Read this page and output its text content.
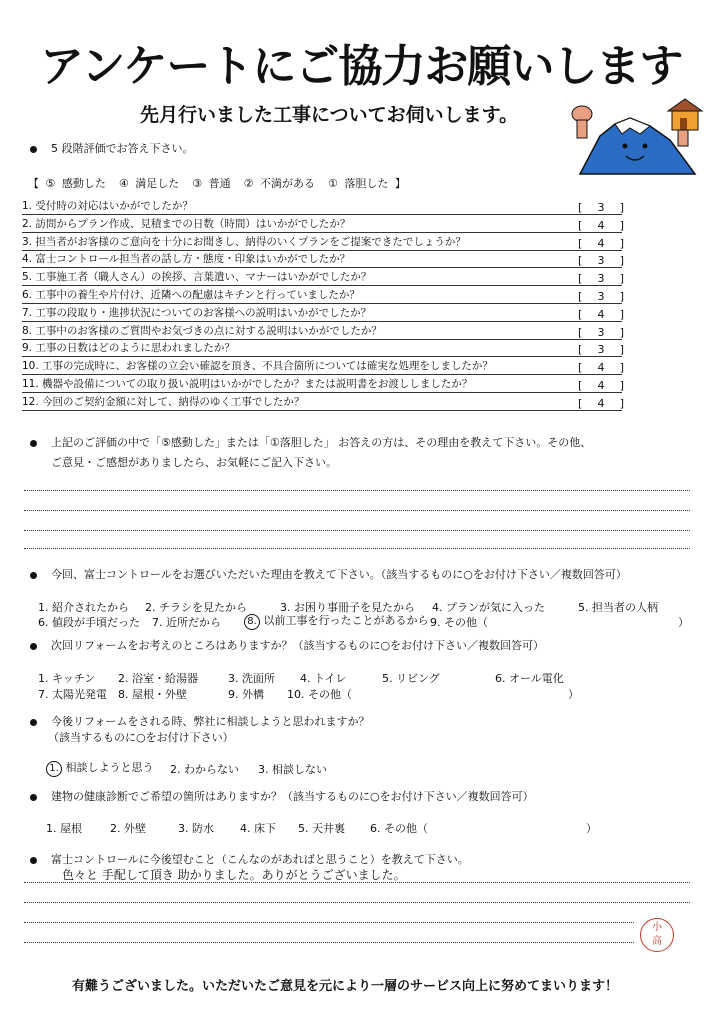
アンケートにご協力お願いします
先月行いました工事についてお伺いします。
5 段階評価でお答え下さい。
【 ⑤ 感動した ④ 満足した ③ 普通 ② 不満がある ① 落胆した 】
1. 受付時の対応はいかがでしたか？	[ 3 ]
2. 訪問からプラン作成、見積までの日数（時間）はいかがでしたか？	[ 4 ]
3. 担当者がお客様のご意向を十分にお聞きし、納得のいくプランをご提案できたでしょうか？	[ 4 ]
4. 富士コントロール担当者の話し方・態度・印象はいかがでしたか？	[ 3 ]
5. 工事施工者（職人さん）の挨拶、言葉遣い、マナーはいかがでしたか？	[ 3 ]
6. 工事中の養生や片付け、近隣への配慮はキチンと行っていましたか？	[ 3 ]
7. 工事の段取り・進捗状況についてのお客様への説明はいかがでしたか？	[ 4 ]
8. 工事中のお客様のご質問やお気づきの点に対する説明はいかがでしたか？	[ 3 ]
9. 工事の日数はどのように思われましたか？	[ 3 ]
10. 工事の完成時に、お客様の立会い確認を頂き、不具合箇所については確実な処理をしましたか？	[ 4 ]
11. 機器や設備についての取り扱い説明はいかがでしたか？または説明書をお渡ししましたか？	[ 4 ]
12. 今回のご契約金額に対して、納得のゆく工事でしたか？	[ 4 ]
上記のご評価の中で「⑤感動した」または「①落胆した」 お答えの方は、その理由を教えて下さい。その他、
ご意見・ご感想がありましたら、お気軽にご記入下さい。
今回、富士コントロールをお選びいただいた理由を教えて下さい。（該当するものに○をお付け下さい／複数回答可）
1. 紹介されたから 2. チラシを見たから	3. お困り事冊子を見たから 4. プランが気に入った	5. 担当者の人柄
6. 値段が手頃だった 7. 近所だから	8. 以前工事を行ったことがあるから 9. その他（	）
次回リフォームをお考えのところはありますか？（該当するものに○をお付け下さい／複数回答可）
1. キッチン 2. 浴室・給湯器	3. 洗面所 4. トイレ	5. リビング	6. オール電化
7. 太陽光発電 8. 屋根・外壁	9. 外構 10. その他（	）
今後リフォームをされる時、弊社に相談しようと思われますか？
（該当するものに○をお付け下さい）
1. 相談しようと思う 2. わからない 3. 相談しない
建物の健康診断でご希望の箇所はありますか？（該当するものに○をお付け下さい／複数回答可）
1. 屋根	2. 外壁	3. 防水 4. 床下 5. 天井裏 6. その他（	）
富士コントロールに今後望むこと（こんなのがあればと思うこと）を教えて下さい。
色々と 手配して頂き 助かりました。ありがとうございました。
小
高
有難うございました。いただいたご意見を元により一層のサービス向上に努めてまいります！
